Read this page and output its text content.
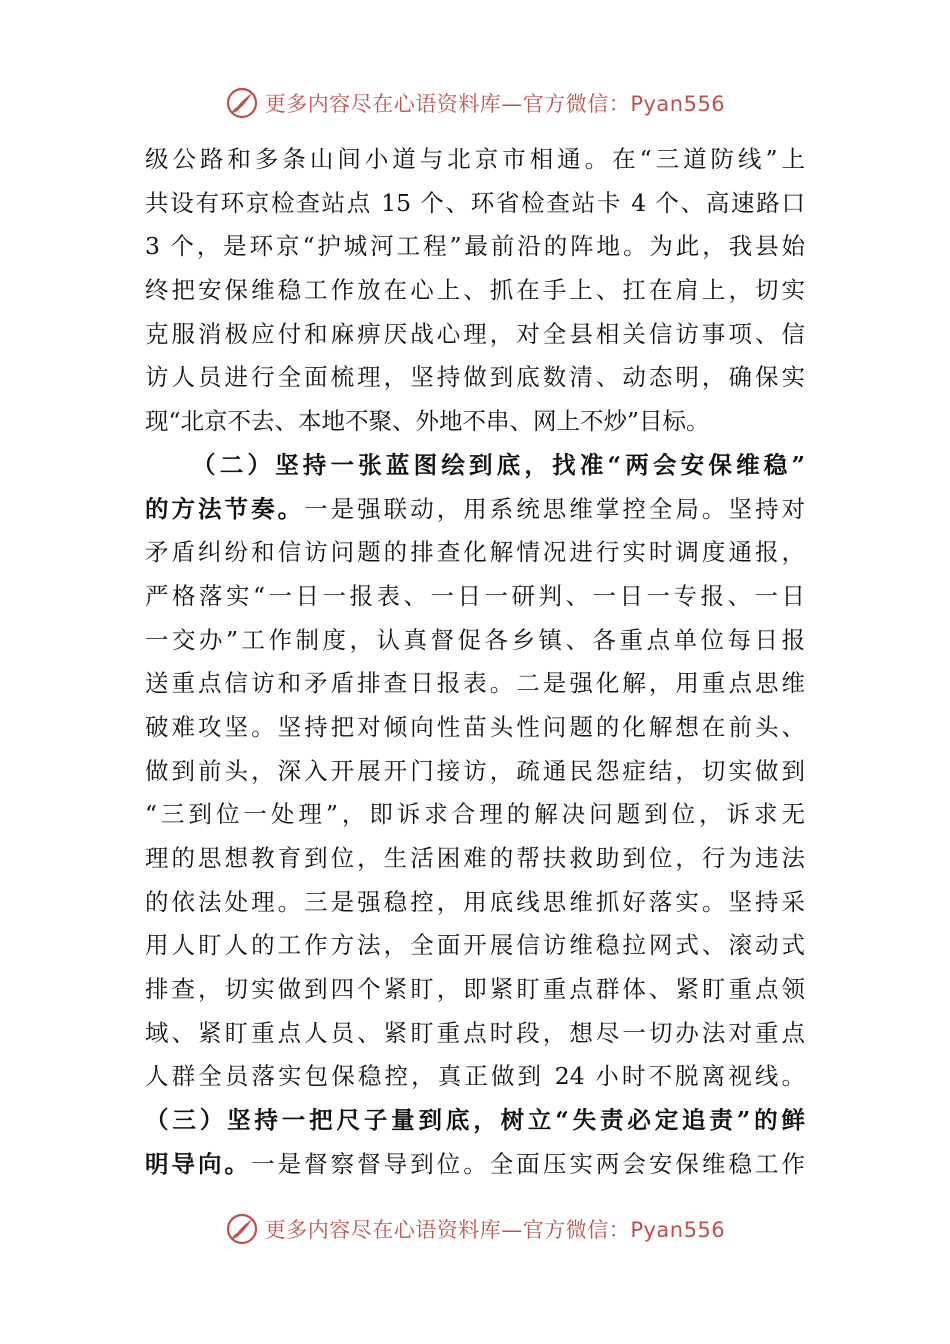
更多内容尽在心语资料库—官方微信：Pyan556
级公路和多条山间小道与北京市相通。在“三道防线”上
共设有环京检查站点 15 个、环省检查站卡 4 个、高速路口
3 个，是环京“护城河工程”最前沿的阵地。为此，我县始
终把安保维稳工作放在心上、抓在手上、扛在肩上，切实
克服消极应付和麻痹厌战心理，对全县相关信访事项、信
访人员进行全面梳理，坚持做到底数清、动态明，确保实
现“北京不去、本地不聚、外地不串、网上不炒”目标。
（二）坚持一张蓝图绘到底，找准“两会安保维稳”
的方法节奏。一是强联动，用系统思维掌控全局。坚持对
矛盾纠纷和信访问题的排查化解情况进行实时调度通报，
严格落实“一日一报表、一日一研判、一日一专报、一日
一交办”工作制度，认真督促各乡镇、各重点单位每日报
送重点信访和矛盾排查日报表。二是强化解，用重点思维
破难攻坚。坚持把对倾向性苗头性问题的化解想在前头、
做到前头，深入开展开门接访，疏通民怨症结，切实做到
“三到位一处理”，即诉求合理的解决问题到位，诉求无
理的思想教育到位，生活困难的帮扶救助到位，行为违法
的依法处理。三是强稳控，用底线思维抓好落实。坚持采
用人盯人的工作方法，全面开展信访维稳拉网式、滚动式
排查，切实做到四个紧盯，即紧盯重点群体、紧盯重点领
域、紧盯重点人员、紧盯重点时段，想尽一切办法对重点
人群全员落实包保稳控，真正做到 24 小时不脱离视线。
（三）坚持一把尺子量到底，树立“失责必定追责”的鲜
明导向。一是督察督导到位。全面压实两会安保维稳工作
更多内容尽在心语资料库—官方微信：Pyan556
